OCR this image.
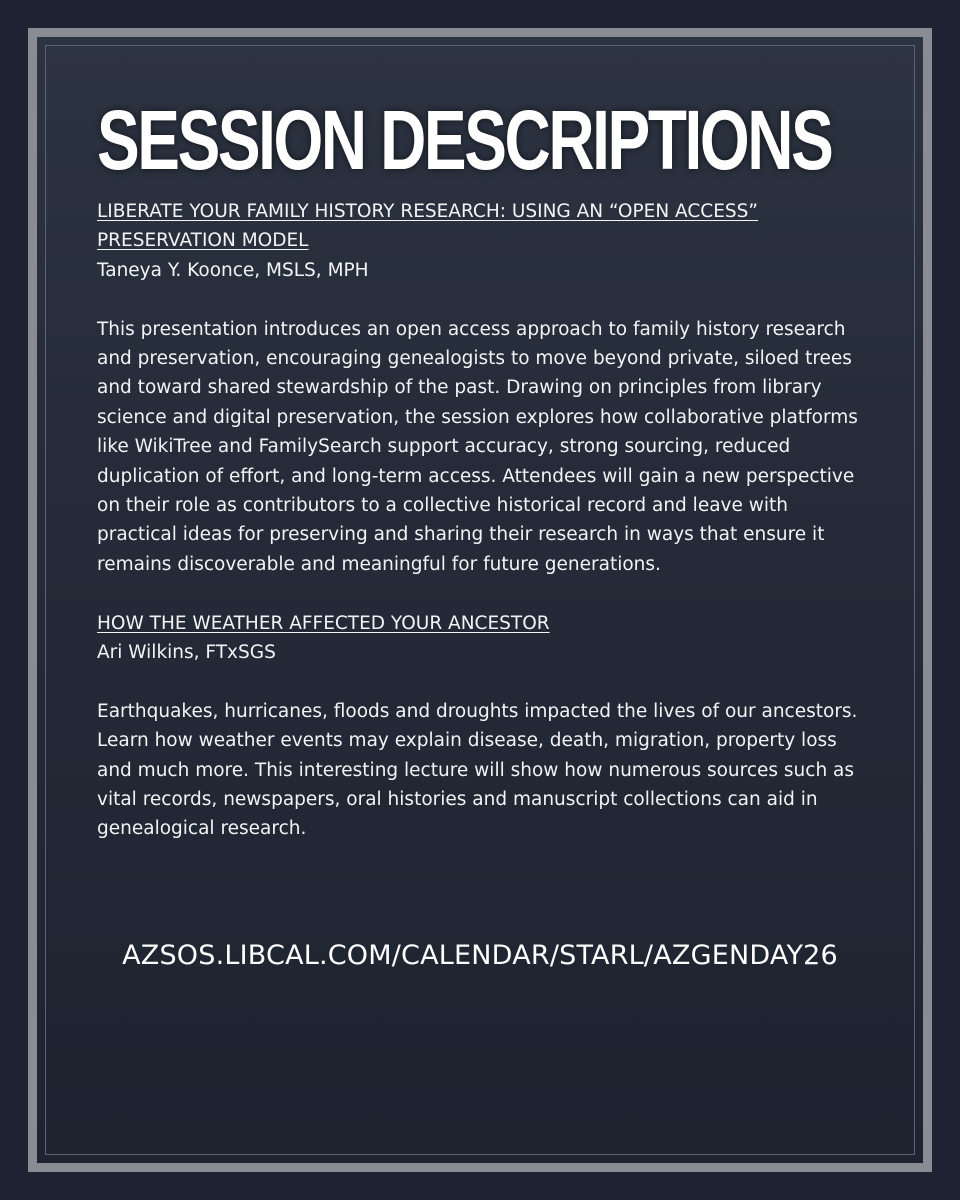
SESSION DESCRIPTIONS

LIBERATE YOUR FAMILY HISTORY RESEARCH: USING AN “OPEN ACCESS” PRESERVATION MODEL

Taneya Y. Koonce, MSLS, MPH

This presentation introduces an open access approach to family history research and preservation, encouraging genealogists to move beyond private, siloed trees and toward shared stewardship of the past. Drawing on principles from library science and digital preservation, the session explores how collaborative platforms like WikiTree and FamilySearch support accuracy, strong sourcing, reduced duplication of effort, and long-term access. Attendees will gain a new perspective on their role as contributors to a collective historical record and leave with practical ideas for preserving and sharing their research in ways that ensure it remains discoverable and meaningful for future generations.

HOW THE WEATHER AFFECTED YOUR ANCESTOR

Ari Wilkins, FTxSGS

Earthquakes, hurricanes, floods and droughts impacted the lives of our ancestors. Learn how weather events may explain disease, death, migration, property loss and much more. This interesting lecture will show how numerous sources such as vital records, newspapers, oral histories and manuscript collections can aid in genealogical research.

AZSOS.LIBCAL.COM/CALENDAR/STARL/AZGENDAY26
